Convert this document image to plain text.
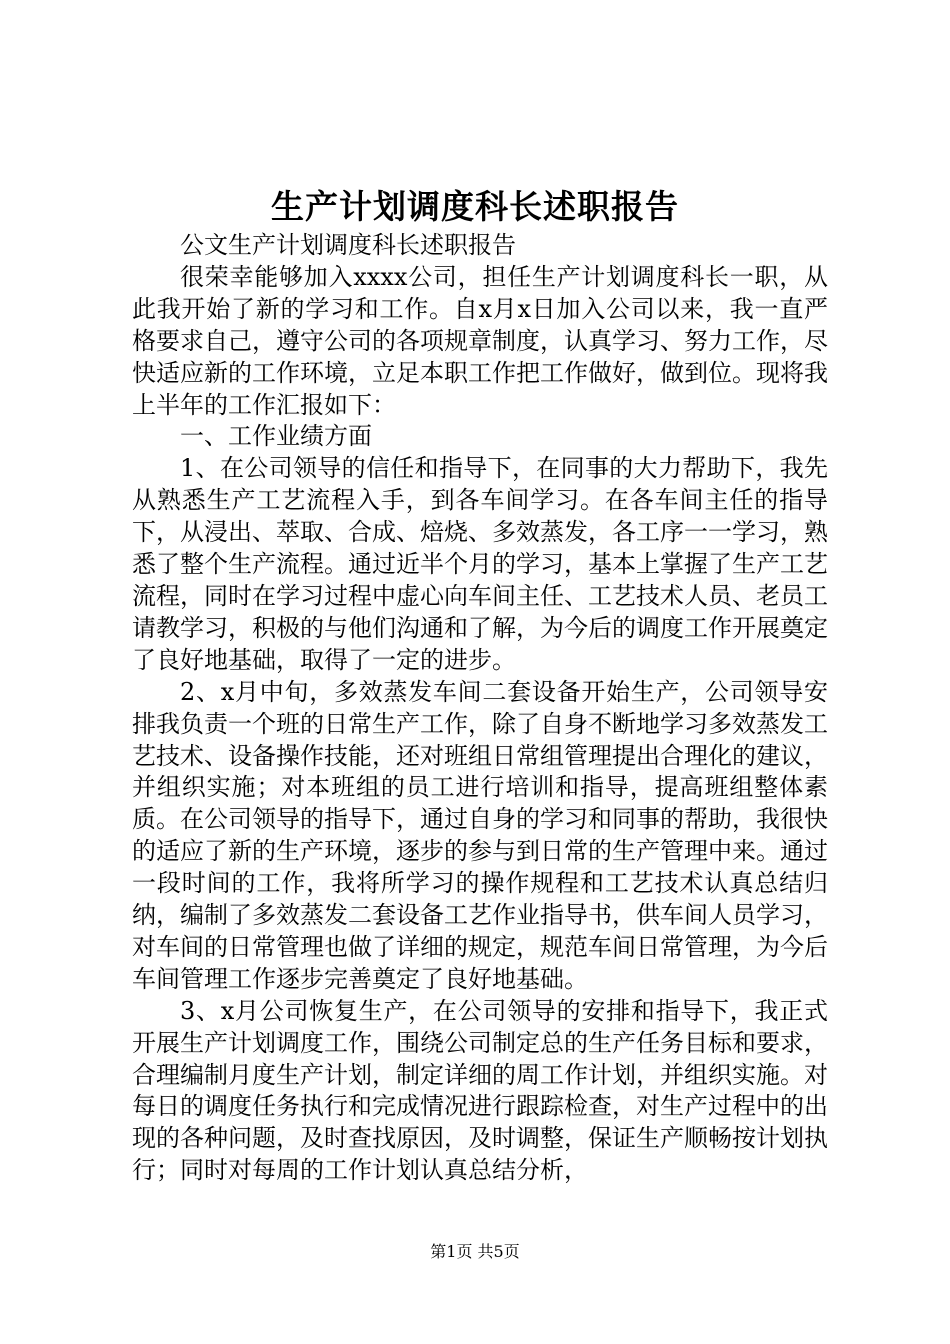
生产计划调度科长述职报告

公文生产计划调度科长述职报告

很荣幸能够加入xxxx公司，担任生产计划调度科长一职，从此我开始了新的学习和工作。自x月x日加入公司以来，我一直严格要求自己，遵守公司的各项规章制度，认真学习、努力工作，尽快适应新的工作环境，立足本职工作把工作做好，做到位。现将我上半年的工作汇报如下：

一、工作业绩方面

1、在公司领导的信任和指导下，在同事的大力帮助下，我先从熟悉生产工艺流程入手，到各车间学习。在各车间主任的指导下，从浸出、萃取、合成、焙烧、多效蒸发，各工序一一学习，熟悉了整个生产流程。通过近半个月的学习，基本上掌握了生产工艺流程，同时在学习过程中虚心向车间主任、工艺技术人员、老员工请教学习，积极的与他们沟通和了解，为今后的调度工作开展奠定了良好地基础，取得了一定的进步。

2、x月中旬，多效蒸发车间二套设备开始生产，公司领导安排我负责一个班的日常生产工作，除了自身不断地学习多效蒸发工艺技术、设备操作技能，还对班组日常组管理提出合理化的建议，并组织实施；对本班组的员工进行培训和指导，提高班组整体素质。在公司领导的指导下，通过自身的学习和同事的帮助，我很快的适应了新的生产环境，逐步的参与到日常的生产管理中来。通过一段时间的工作，我将所学习的操作规程和工艺技术认真总结归纳，编制了多效蒸发二套设备工艺作业指导书，供车间人员学习，对车间的日常管理也做了详细的规定，规范车间日常管理，为今后车间管理工作逐步完善奠定了良好地基础。

3、x月公司恢复生产，在公司领导的安排和指导下，我正式开展生产计划调度工作，围绕公司制定总的生产任务目标和要求，合理编制月度生产计划，制定详细的周工作计划，并组织实施。对每日的调度任务执行和完成情况进行跟踪检查，对生产过程中的出现的各种问题，及时查找原因，及时调整，保证生产顺畅按计划执行；同时对每周的工作计划认真总结分析，

第1页 共5页
